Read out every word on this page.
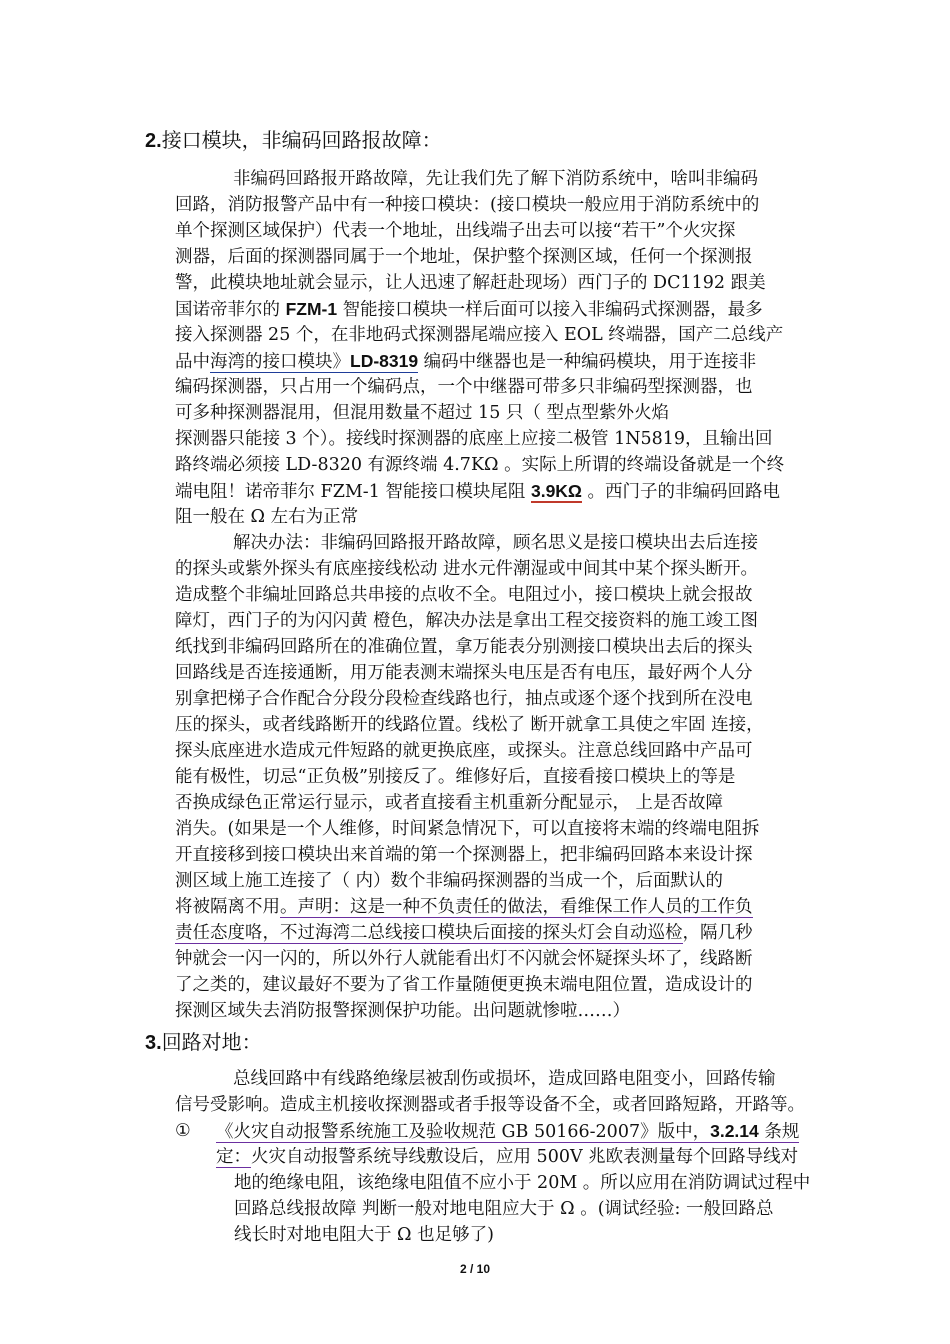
2.接口模块，非编码回路报故障：
非编码回路报开路故障，先让我们先了解下消防系统中，啥叫非编码
回路，消防报警产品中有一种接口模块：(接口模块一般应用于消防系统中的
单个探测区域保护）代表一个地址，出线端子出去可以接“若干”个火灾探
测器，后面的探测器同属于一个地址，保护整个探测区域，任何一个探测报
警，此模块地址就会显示，让人迅速了解赶赴现场）西门子的 DC1192 跟美
国诺帝菲尔的 FZM-1 智能接口模块一样后面可以接入非编码式探测器，最多
接入探测器 25 个，在非地码式探测器尾端应接入 EOL 终端器，国产二总线产
品中海湾的接口模块》LD-8319 编码中继器也是一种编码模块，用于连接非
编码探测器，只占用一个编码点，一个中继器可带多只非编码型探测器，也
可多种探测器混用，但混用数量不超过 15 只（ 型点型紫外火焰
探测器只能接 3 个）。接线时探测器的底座上应接二极管 1N5819，且输出回
路终端必须接 LD-8320 有源终端 4.7KΩ 。实际上所谓的终端设备就是一个终
端电阻！诺帝菲尔 FZM-1 智能接口模块尾阻 3.9KΩ 。西门子的非编码回路电
阻一般在 Ω 左右为正常
解决办法：非编码回路报开路故障，顾名思义是接口模块出去后连接
的探头或紫外探头有底座接线松动 进水元件潮湿或中间其中某个探头断开。
造成整个非编址回路总共串接的点收不全。电阻过小，接口模块上就会报故
障灯，西门子的为闪闪黄 橙色，解决办法是拿出工程交接资料的施工竣工图
纸找到非编码回路所在的准确位置，拿万能表分别测接口模块出去后的探头
回路线是否连接通断，用万能表测末端探头电压是否有电压，最好两个人分
别拿把梯子合作配合分段分段检查线路也行，抽点或逐个逐个找到所在没电
压的探头，或者线路断开的线路位置。线松了 断开就拿工具使之牢固 连接，
探头底座进水造成元件短路的就更换底座，或探头。注意总线回路中产品可
能有极性，切忌“正负极”别接反了。维修好后，直接看接口模块上的等是
否换成绿色正常运行显示，或者直接看主机重新分配显示， 上是否故障
消失。(如果是一个人维修，时间紧急情况下，可以直接将末端的终端电阻拆
开直接移到接口模块出来首端的第一个探测器上，把非编码回路本来设计探
测区域上施工连接了（ 内）数个非编码探测器的当成一个，后面默认的
将被隔离不用。声明：这是一种不负责任的做法，看维保工作人员的工作负
责任态度咯，不过海湾二总线接口模块后面接的探头灯会自动巡检，隔几秒
钟就会一闪一闪的，所以外行人就能看出灯不闪就会怀疑探头坏了，线路断
了之类的，建议最好不要为了省工作量随便更换末端电阻位置，造成设计的
探测区域失去消防报警探测保护功能。出问题就惨啦……）
3.回路对地：
总线回路中有线路绝缘层被刮伤或损坏，造成回路电阻变小，回路传输
信号受影响。造成主机接收探测器或者手报等设备不全，或者回路短路，开路等。
① 《火灾自动报警系统施工及验收规范 GB 50166-2007》版中，3.2.14 条规
定：火灾自动报警系统导线敷设后，应用 500V 兆欧表测量每个回路导线对
地的绝缘电阻，该绝缘电阻值不应小于 20M 。所以应用在消防调试过程中
回路总线报故障 判断一般对地电阻应大于 Ω 。(调试经验: 一般回路总
线长时对地电阻大于 Ω 也足够了)
2 / 10
